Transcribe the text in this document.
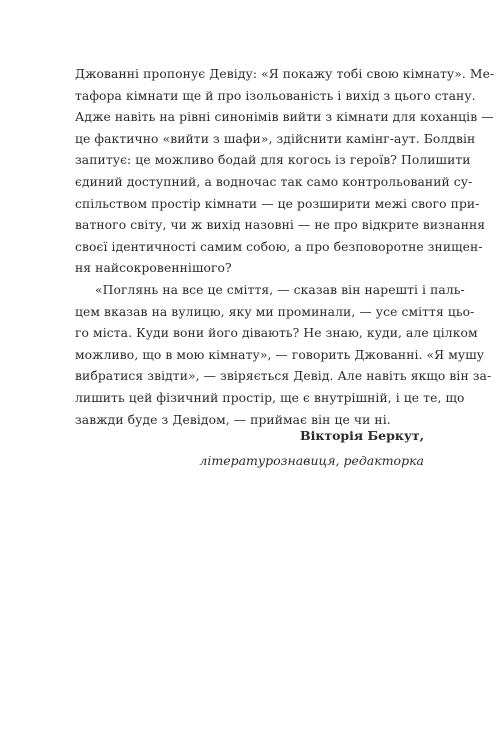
Джованні пропонує Девіду: «Я покажу тобі свою кімнату». Ме-
тафора кімнати ще й про ізольованість і вихід з цього стану.
Адже навіть на рівні синонімів вийти з кімнати для коханців —
це фактично «вийти з шафи», здійснити камінг-аут. Болдвін
запитує: це можливо бодай для когось із героїв? Полишити
єдиний доступний, а водночас так само контрольований су-
спільством простір кімнати — це розширити межі свого при-
ватного світу, чи ж вихід назовні — не про відкрите визнання
своєї ідентичності самим собою, а про безповоротне знищен-
ня найсокровеннішого?
«Поглянь на все це сміття, — сказав він нарешті і паль-
цем вказав на вулицю, яку ми проминали, — усе сміття цьо-
го міста. Куди вони його дівають? Не знаю, куди, але цілком
можливо, що в мою кімнату», — говорить Джованні. «Я мушу
вибратися звідти», — звіряється Девід. Але навіть якщо він за-
лишить цей фізичний простір, ще є внутрішній, і це те, що
завжди буде з Девідом, — приймає він це чи ні.
Вікторія Беркут,
літературознавиця, редакторка
